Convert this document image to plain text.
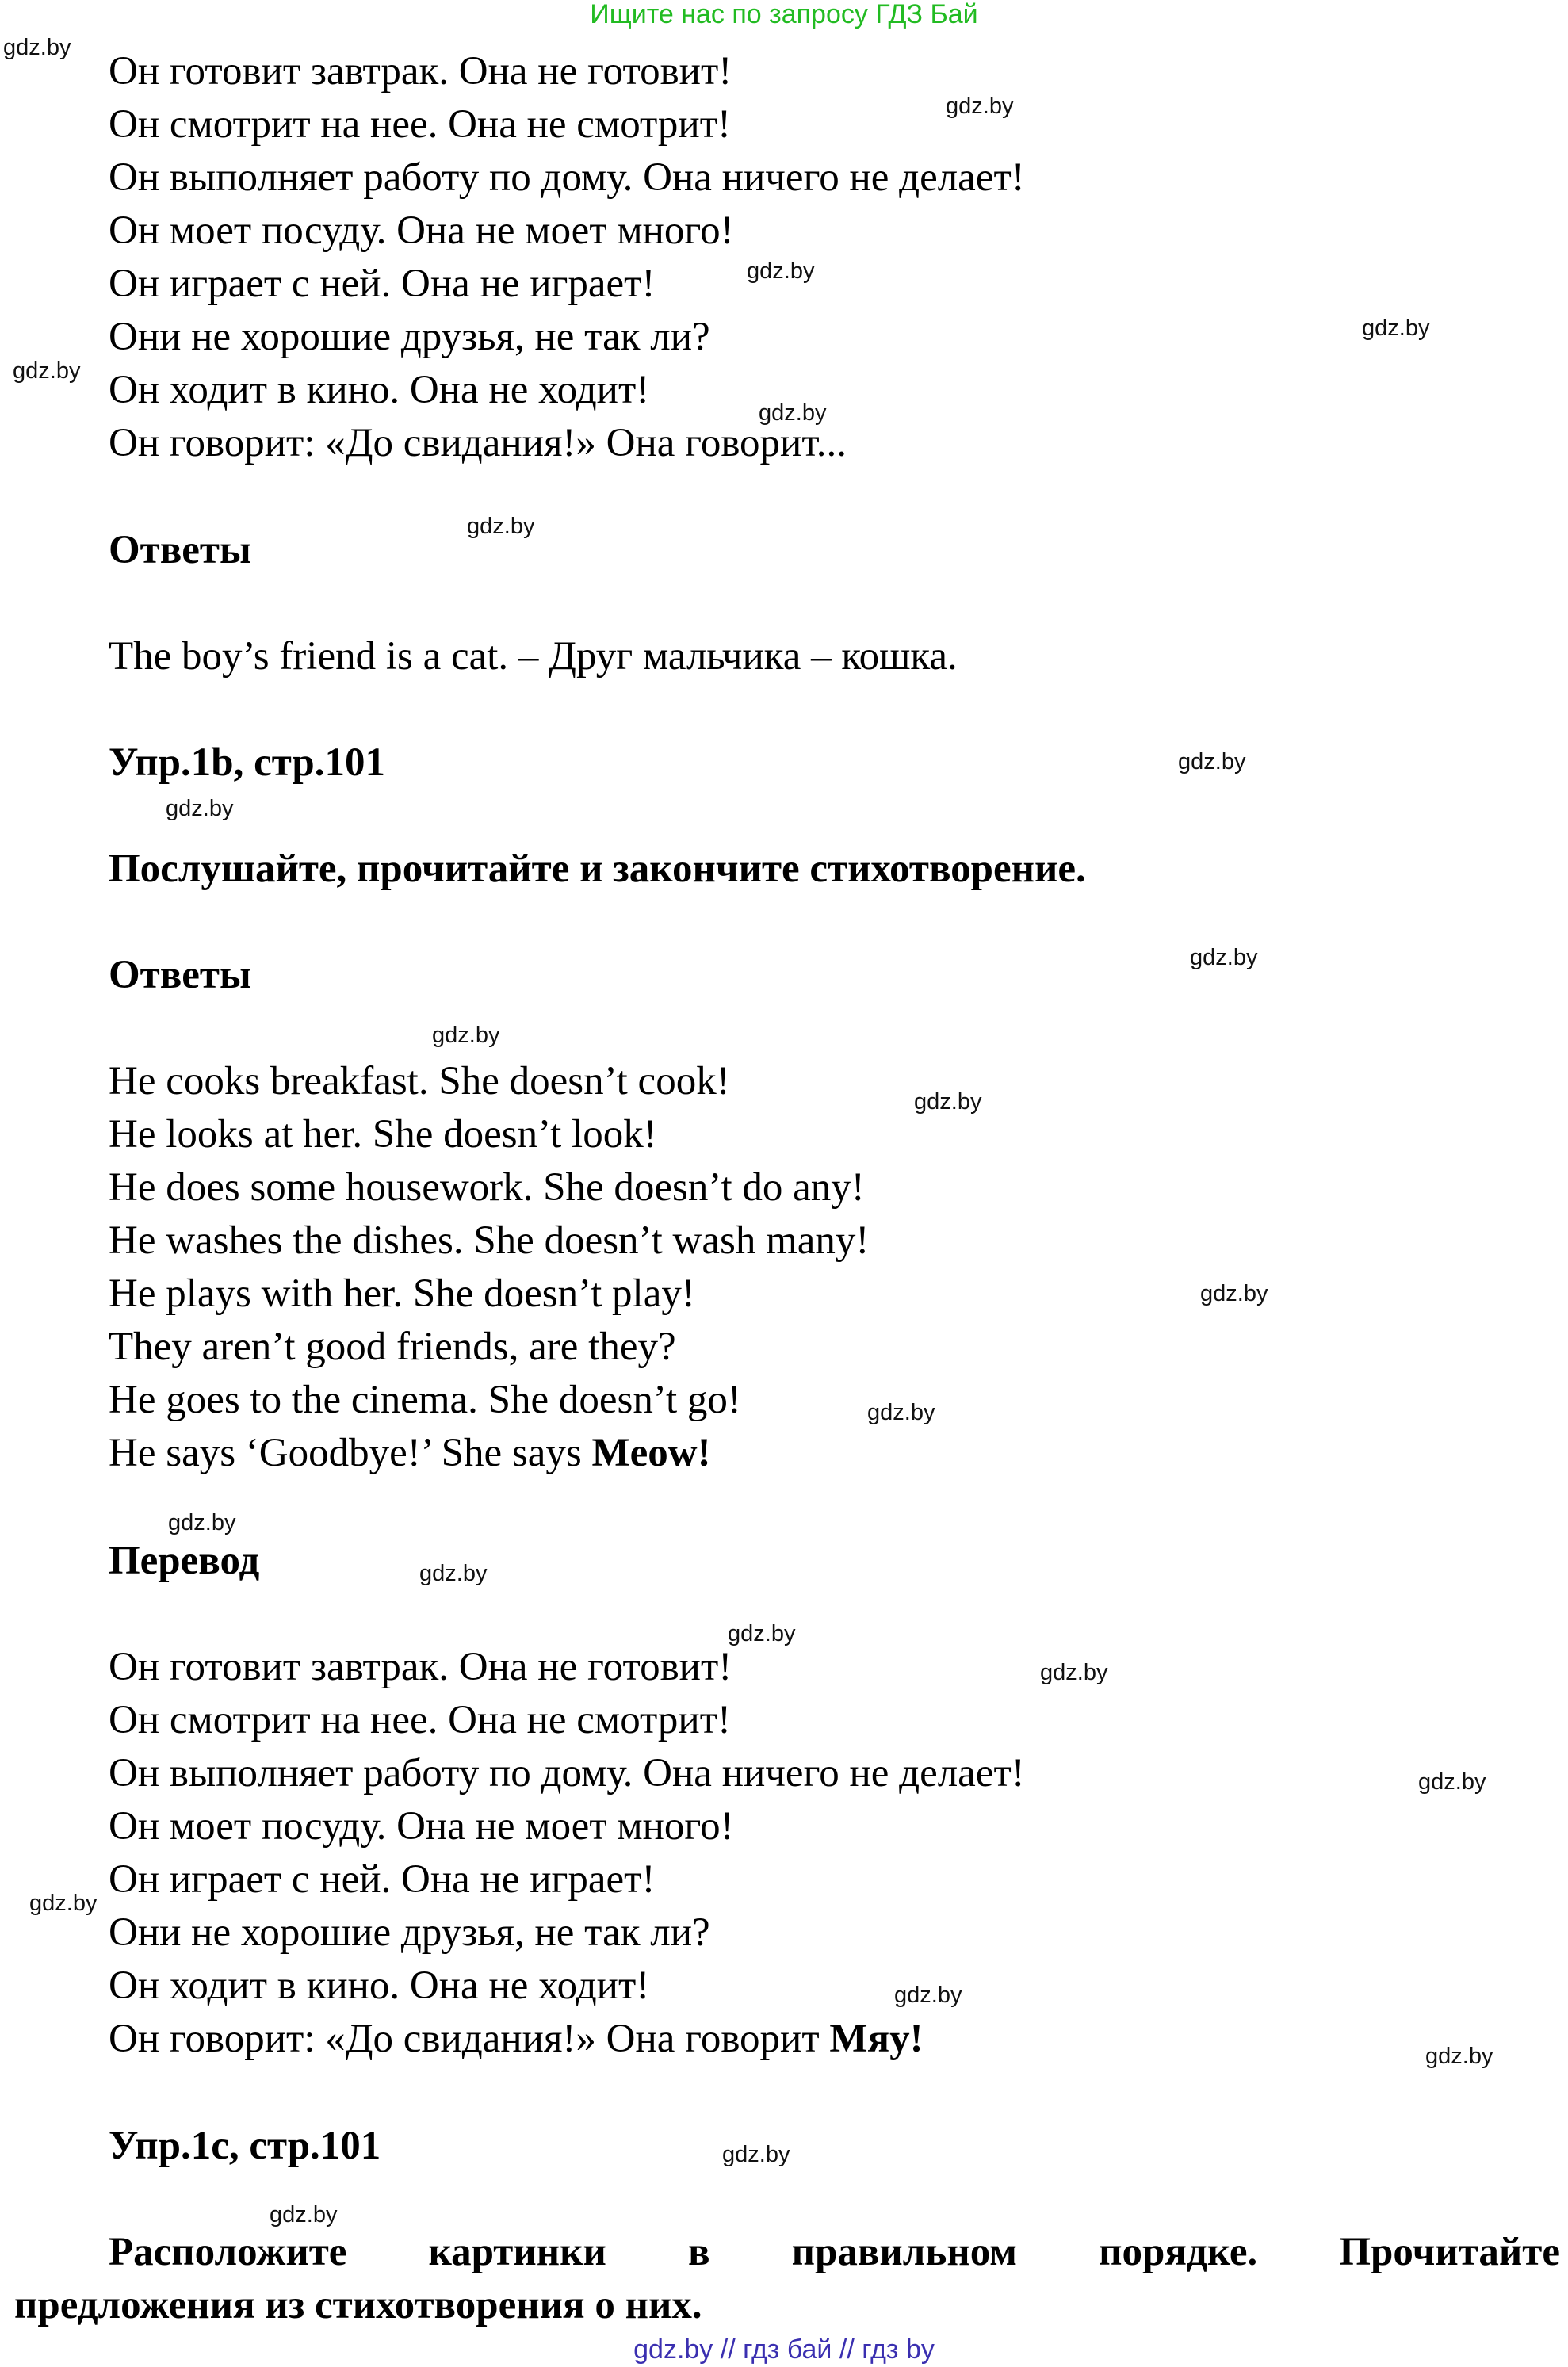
Ищите нас по запросу ГДЗ Бай
Он готовит завтрак. Она не готовит!
Он смотрит на нее. Она не смотрит!
Он выполняет работу по дому. Она ничего не делает!
Он моет посуду. Она не моет много!
Он играет с ней. Она не играет!
Они не хорошие друзья, не так ли?
Он ходит в кино. Она не ходит!
Он говорит: «До свидания!» Она говорит...
Ответы
The boy’s friend is a cat. – Друг мальчика – кошка.
Упр.1b, стр.101
Послушайте, прочитайте и закончите стихотворение.
Ответы
He cooks breakfast. She doesn’t cook!
He looks at her. She doesn’t look!
He does some housework. She doesn’t do any!
He washes the dishes. She doesn’t wash many!
He plays with her. She doesn’t play!
They aren’t good friends, are they?
He goes to the cinema. She doesn’t go!
He says ‘Goodbye!’ She says Meow!
Перевод
Он готовит завтрак. Она не готовит!
Он смотрит на нее. Она не смотрит!
Он выполняет работу по дому. Она ничего не делает!
Он моет посуду. Она не моет много!
Он играет с ней. Она не играет!
Они не хорошие друзья, не так ли?
Он ходит в кино. Она не ходит!
Он говорит: «До свидания!» Она говорит Мяу!
Упр.1c, стр.101
Расположите картинки в правильном порядке. Прочитайте
предложения из стихотворения о них.
gdz.by
gdz.by
gdz.by
gdz.by
gdz.by
gdz.by
gdz.by
gdz.by
gdz.by
gdz.by
gdz.by
gdz.by
gdz.by
gdz.by
gdz.by
gdz.by
gdz.by
gdz.by
gdz.by
gdz.by
gdz.by
gdz.by
gdz.by
gdz.by
gdz.by // гдз бай // гдз by
